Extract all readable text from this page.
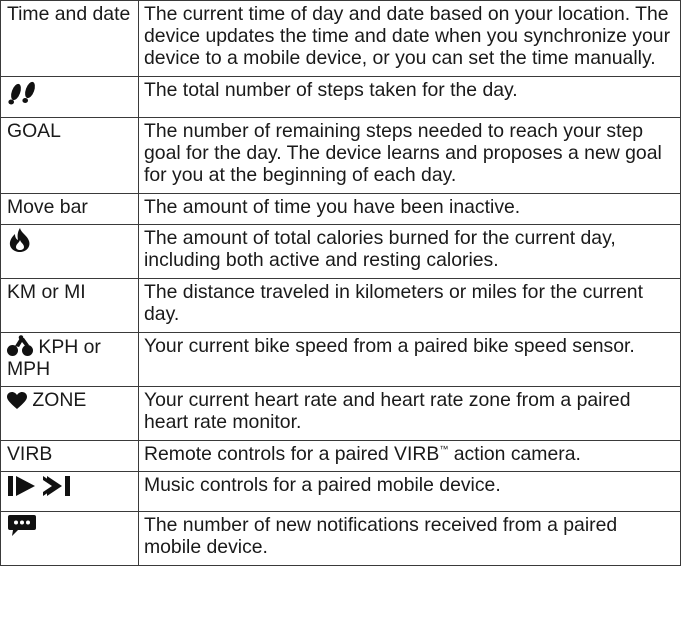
Time and date	The current time of day and date based on your location. The device updates the time and date when you synchronize your device to a mobile device, or you can set the time manually.

	The total number of steps taken for the day.
GOAL	The number of remaining steps needed to reach your step goal for the day. The device learns and proposes a new goal for you at the beginning of each day.
Move bar	The amount of time you have been inactive.

	The amount of total calories burned for the current day, including both active and resting calories.
KM or MI	The distance traveled in kilometers or miles for the current day.

KPH or MPH	Your current bike speed from a paired bike speed sensor.

ZONE	Your current heart rate and heart rate zone from a paired heart rate monitor.
VIRB	Remote controls for a paired VIRB™ action camera.

	Music controls for a paired mobile device.

	The number of new notifications received from a paired mobile device.
